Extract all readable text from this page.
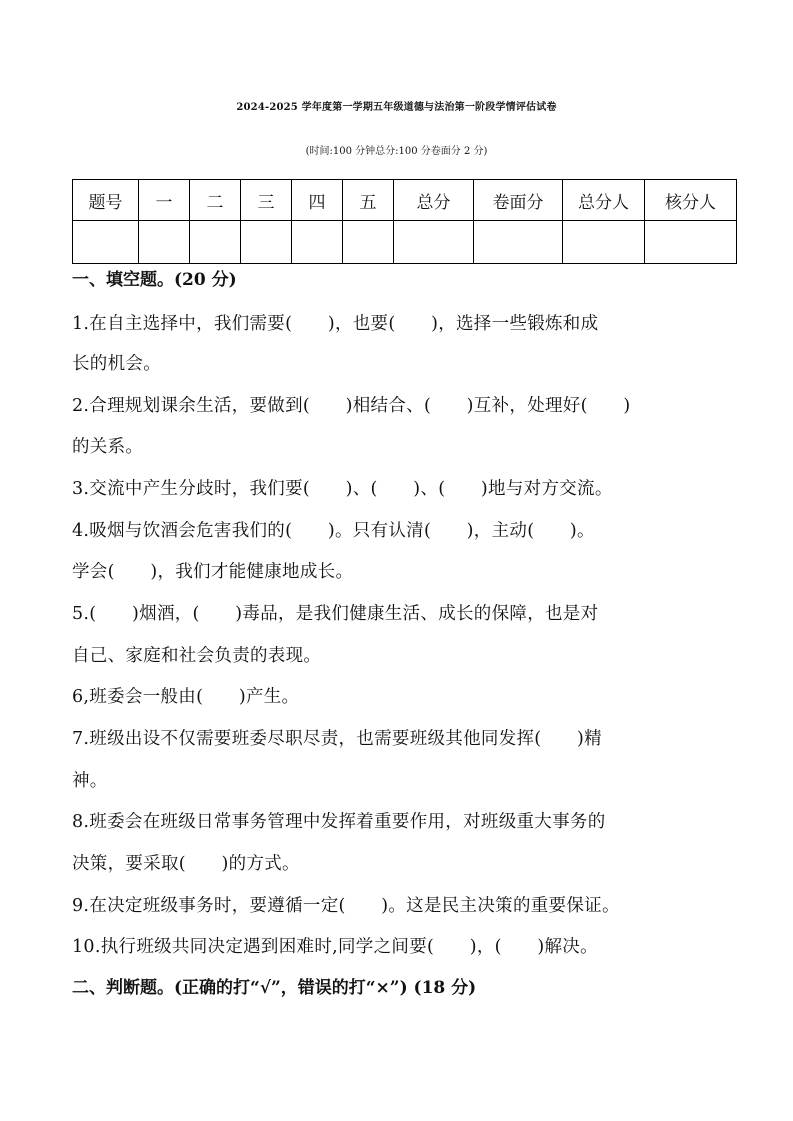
2024-2025 学年度第一学期五年级道德与法治第一阶段学情评估试卷
(时间:100 分钟总分:100 分卷面分 2 分)
题号	一	二	三	四	五	总分	卷面分	总分人	核分人

一、填空题。(20 分)
1.在自主选择中，我们需要(　　)，也要(　　)，选择一些锻炼和成
长的机会。
2.合理规划课余生活，要做到(　　)相结合、(　　)互补，处理好(　　)
的关系。
3.交流中产生分歧时，我们要(　　)、(　　)、(　　)地与对方交流。
4.吸烟与饮酒会危害我们的(　　)。只有认清(　　)，主动(　　)。
学会(　　)，我们才能健康地成长。
5.(　　)烟酒，(　　)毒品，是我们健康生活、成长的保障，也是对
自己、家庭和社会负责的表现。
6,班委会一般由(　　)产生。
7.班级出设不仅需要班委尽职尽责，也需要班级其他同发挥(　　)精
神。
8.班委会在班级日常事务管理中发挥着重要作用，对班级重大事务的
决策，要采取(　　)的方式。
9.在决定班级事务时，要遵循一定(　　)。这是民主决策的重要保证。
10.执行班级共同决定遇到困难时,同学之间要(　　)，(　　)解决。
二、判断题。(正确的打“√”，错误的打“×”) (18 分)
